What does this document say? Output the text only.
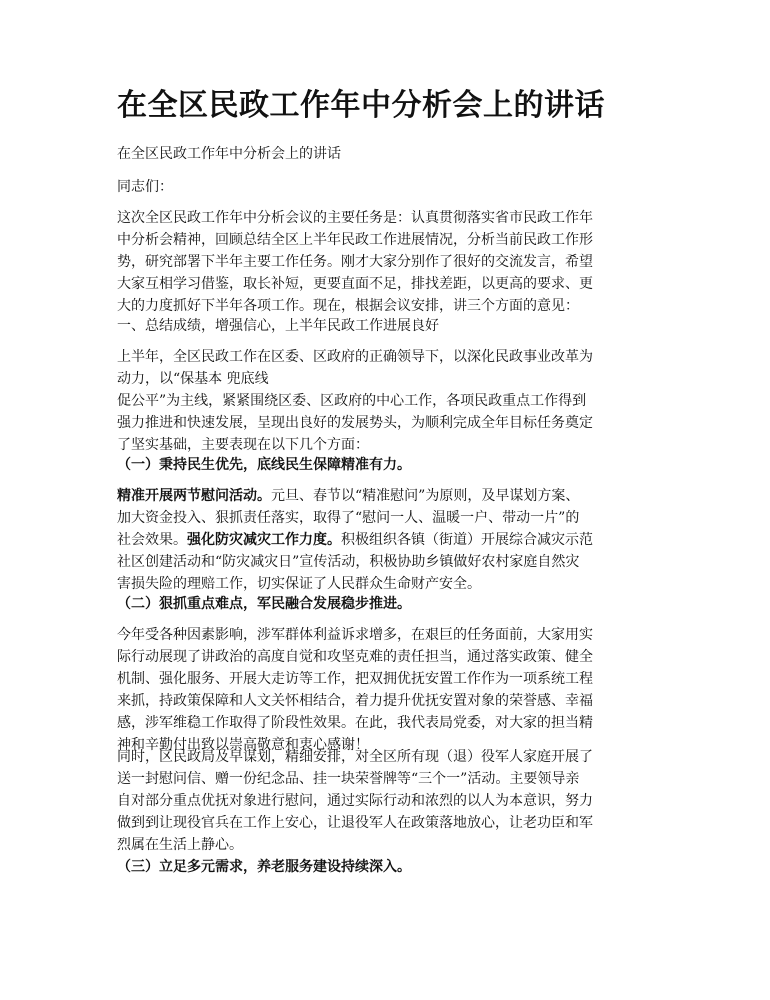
在全区民政工作年中分析会上的讲话

在全区民政工作年中分析会上的讲话

同志们：

这次全区民政工作年中分析会议的主要任务是：认真贯彻落实省市民政工作年
中分析会精神，回顾总结全区上半年民政工作进展情况，分析当前民政工作形
势，研究部署下半年主要工作任务。刚才大家分别作了很好的交流发言，希望
大家互相学习借鉴，取长补短，更要直面不足，排找差距，以更高的要求、更
大的力度抓好下半年各项工作。现在，根据会议安排，讲三个方面的意见：

一、总结成绩，增强信心，上半年民政工作进展良好

上半年，全区民政工作在区委、区政府的正确领导下，以深化民政事业改革为
动力，以“保基本 兜底线
促公平”为主线，紧紧围绕区委、区政府的中心工作，各项民政重点工作得到
强力推进和快速发展，呈现出良好的发展势头，为顺利完成全年目标任务奠定
了坚实基础，主要表现在以下几个方面：

（一）秉持民生优先，底线民生保障精准有力。

精准开展两节慰问活动。元旦、春节以“精准慰问”为原则，及早谋划方案、
加大资金投入、狠抓责任落实，取得了“慰问一人、温暖一户、带动一片”的
社会效果。强化防灾减灾工作力度。积极组织各镇（街道）开展综合减灾示范
社区创建活动和“防灾减灾日”宣传活动，积极协助乡镇做好农村家庭自然灾
害损失险的理赔工作，切实保证了人民群众生命财产安全。

（二）狠抓重点难点，军民融合发展稳步推进。

今年受各种因素影响，涉军群体利益诉求增多，在艰巨的任务面前，大家用实
际行动展现了讲政治的高度自觉和攻坚克难的责任担当，通过落实政策、健全
机制、强化服务、开展大走访等工作，把双拥优抚安置工作作为一项系统工程
来抓，持政策保障和人文关怀相结合，着力提升优抚安置对象的荣誉感、幸福
感，涉军维稳工作取得了阶段性效果。在此，我代表局党委，对大家的担当精
神和辛勤付出致以崇高敬意和衷心感谢！
同时，区民政局及早谋划，精细安排，对全区所有现（退）役军人家庭开展了
送一封慰问信、赠一份纪念品、挂一块荣誉牌等“三个一”活动。主要领导亲
自对部分重点优抚对象进行慰问，通过实际行动和浓烈的以人为本意识，努力
做到到让现役官兵在工作上安心，让退役军人在政策落地放心，让老功臣和军
烈属在生活上静心。

（三）立足多元需求，养老服务建设持续深入。
